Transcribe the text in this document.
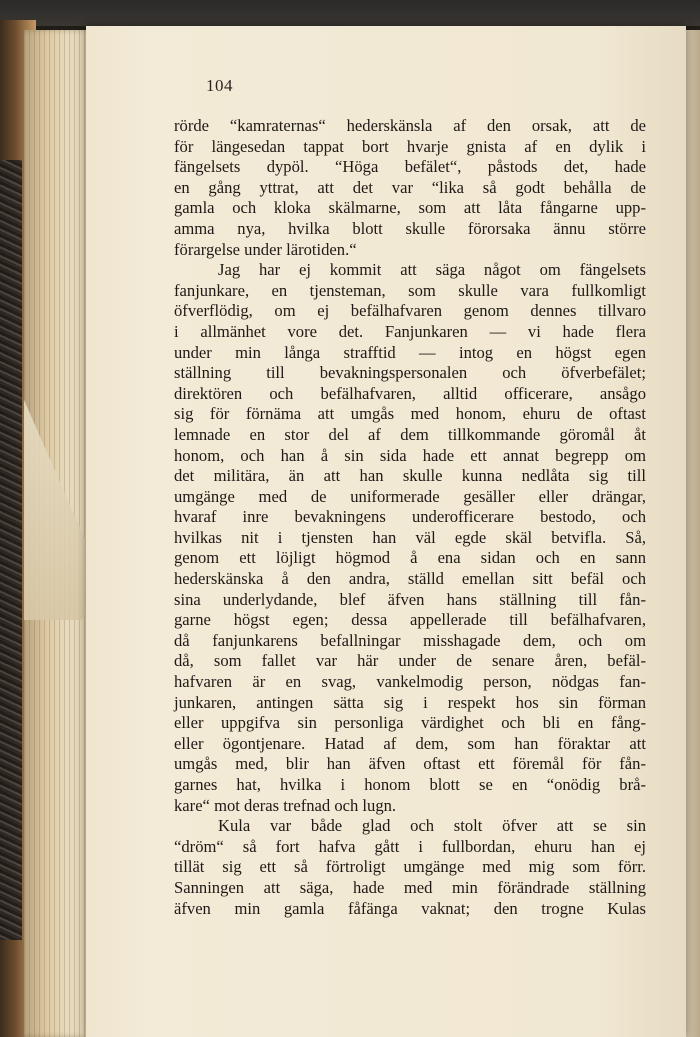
104
rörde “kamraternas“ hederskänsla af den orsak, att de
för längesedan tappat bort hvarje gnista af en dylik i
fängelsets dypöl. “Höga befälet“, påstods det, hade
en gång yttrat, att det var “lika så godt behålla de
gamla och kloka skälmarne, som att låta fångarne upp-
amma nya, hvilka blott skulle förorsaka ännu större
förargelse under lärotiden.“
Jag har ej kommit att säga något om fängelsets
fanjunkare, en tjensteman, som skulle vara fullkomligt
öfverflödig, om ej befälhafvaren genom dennes tillvaro
i allmänhet vore det. Fanjunkaren — vi hade flera
under min långa strafftid — intog en högst egen
ställning till bevakningspersonalen och öfverbefälet;
direktören och befälhafvaren, alltid officerare, ansågo
sig för förnäma att umgås med honom, ehuru de oftast
lemnade en stor del af dem tillkommande göromål åt
honom, och han å sin sida hade ett annat begrepp om
det militära, än att han skulle kunna nedlåta sig till
umgänge med de uniformerade gesäller eller drängar,
hvaraf inre bevakningens underofficerare bestodo, och
hvilkas nit i tjensten han väl egde skäl betvifla. Så,
genom ett löjligt högmod å ena sidan och en sann
hederskänska å den andra, ställd emellan sitt befäl och
sina underlydande, blef äfven hans ställning till fån-
garne högst egen; dessa appellerade till befälhafvaren,
då fanjunkarens befallningar misshagade dem, och om
då, som fallet var här under de senare åren, befäl-
hafvaren är en svag, vankelmodig person, nödgas fan-
junkaren, antingen sätta sig i respekt hos sin förman
eller uppgifva sin personliga värdighet och bli en fång-
eller ögontjenare. Hatad af dem, som han föraktar att
umgås med, blir han äfven oftast ett föremål för fån-
garnes hat, hvilka i honom blott se en “onödig brå-
kare“ mot deras trefnad och lugn.
Kula var både glad och stolt öfver att se sin
“dröm“ så fort hafva gått i fullbordan, ehuru han ej
tillät sig ett så förtroligt umgänge med mig som förr.
Sanningen att säga, hade med min förändrade ställning
äfven min gamla fåfänga vaknat; den trogne Kulas
